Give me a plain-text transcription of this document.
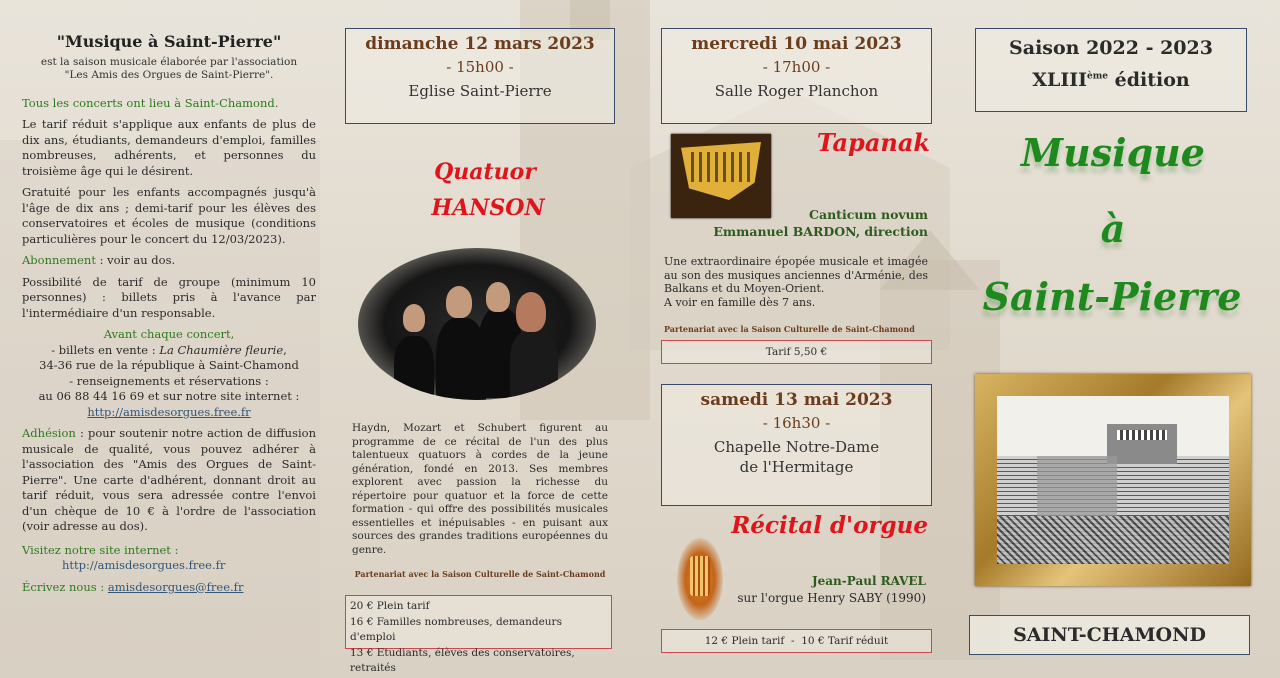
"Musique à Saint-Pierre"
est la saison musicale élaborée par l'association
"Les Amis des Orgues de Saint-Pierre".

Tous les concerts ont lieu à Saint-Chamond.

Le tarif réduit s'applique aux enfants de plus de dix ans, étudiants, demandeurs d'emploi, familles nombreuses, adhérents, et personnes du troisième âge qui le désirent.

Gratuité pour les enfants accompagnés jusqu'à l'âge de dix ans ; demi-tarif pour les élèves des conservatoires et écoles de musique (conditions particulières pour le concert du 12/03/2023).

Abonnement : voir au dos.

Possibilité de tarif de groupe (minimum 10 personnes) : billets pris à l'avance par l'intermédiaire d'un responsable.

Avant chaque concert,
- billets en vente : La Chaumière fleurie,
34-36 rue de la république à Saint-Chamond
- renseignements et réservations :
au 06 88 44 16 69 et sur notre site internet :
http://amisdesorgues.free.fr

Adhésion : pour soutenir notre action de diffusion musicale de qualité, vous pouvez adhérer à l'association des "Amis des Orgues de Saint-Pierre". Une carte d'adhérent, donnant droit au tarif réduit, vous sera adressée contre l'envoi d'un chèque de 10 € à l'ordre de l'association (voir adresse au dos).

Visitez notre site internet :
http://amisdesorgues.free.fr
Écrivez nous : amisdesorgues@free.fr
dimanche 12 mars 2023
- 15h00 -
Eglise Saint-Pierre
Quatuor
HANSON
Haydn, Mozart et Schubert figurent au programme de ce récital de l'un des plus talentueux quatuors à cordes de la jeune génération, fondé en 2013. Ses membres explorent avec passion la richesse du répertoire pour quatuor et la force de cette formation - qui offre des possibilités musicales essentielles et inépuisables - en puisant aux sources des grandes traditions européennes du genre.
Partenariat avec la Saison Culturelle de Saint-Chamond
20 € Plein tarif
16 € Familles nombreuses, demandeurs d'emploi
13 € Etudiants, élèves des conservatoires, retraités
mercredi 10 mai 2023
- 17h00 -
Salle Roger Planchon
Tapanak
Canticum novum
Emmanuel BARDON, direction
Une extraordinaire épopée musicale et imagée au son des musiques anciennes d'Arménie, des Balkans et du Moyen-Orient.
A voir en famille dès 7 ans.
Partenariat avec la Saison Culturelle de Saint-Chamond
Tarif 5,50 €
samedi 13 mai 2023
- 16h30 -
Chapelle Notre-Dame
de l'Hermitage
Récital d'orgue
Jean-Paul RAVEL
sur l'orgue Henry SABY (1990)
12 € Plein tarif  -  10 € Tarif réduit
Saison 2022 - 2023
XLIIIème édition
Musique
à
Saint-Pierre
SAINT-CHAMOND
